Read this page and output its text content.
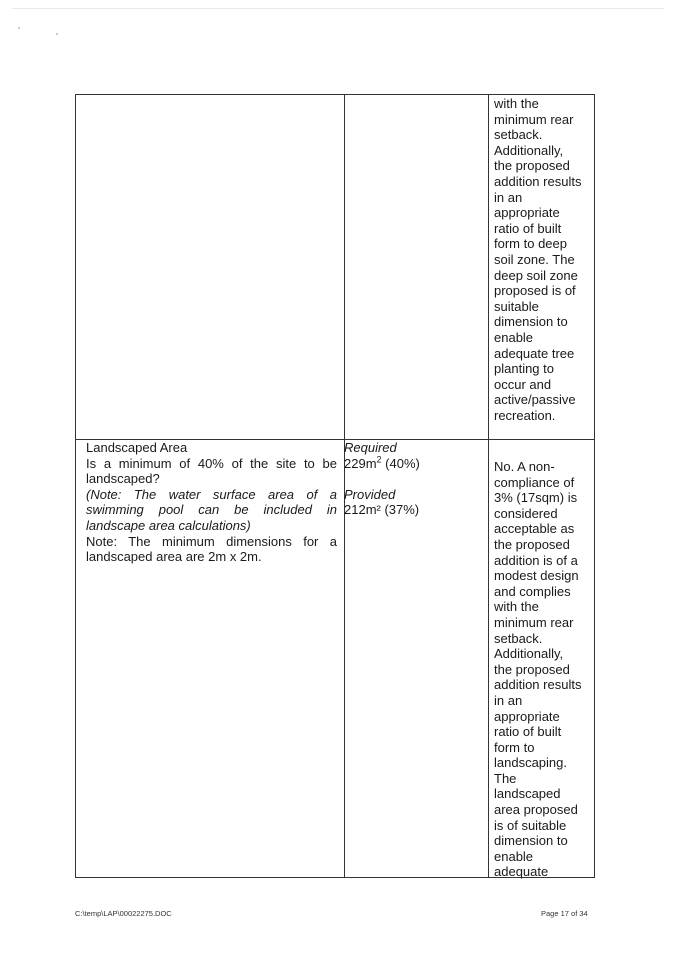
with the
minimum rear
setback.
Additionally,
the proposed
addition results
in an
appropriate
ratio of built
form to deep
soil zone. The
deep soil zone
proposed is of
suitable
dimension to
enable
adequate tree
planting to
occur and
active/passive
recreation.

Landscaped Area

Is a minimum of 40% of the site to be landscaped?

(Note: The water surface area of a swimming pool can be included in landscape area calculations)

Note: The minimum dimensions for a landscaped area are 2m x 2m.

Required

$229m^2$ (40%)

Provided

212m² (37%)

No. A non-
compliance of
3% (17sqm) is
considered
acceptable as
the proposed
addition is of a
modest design
and complies
with the
minimum rear
setback.
Additionally,
the proposed
addition results
in an
appropriate
ratio of built
form to
landscaping.
The
landscaped
area proposed
is of suitable
dimension to
enable
adequate
C:\temp\LAP\00022275.DOC	Page 17 of 34
